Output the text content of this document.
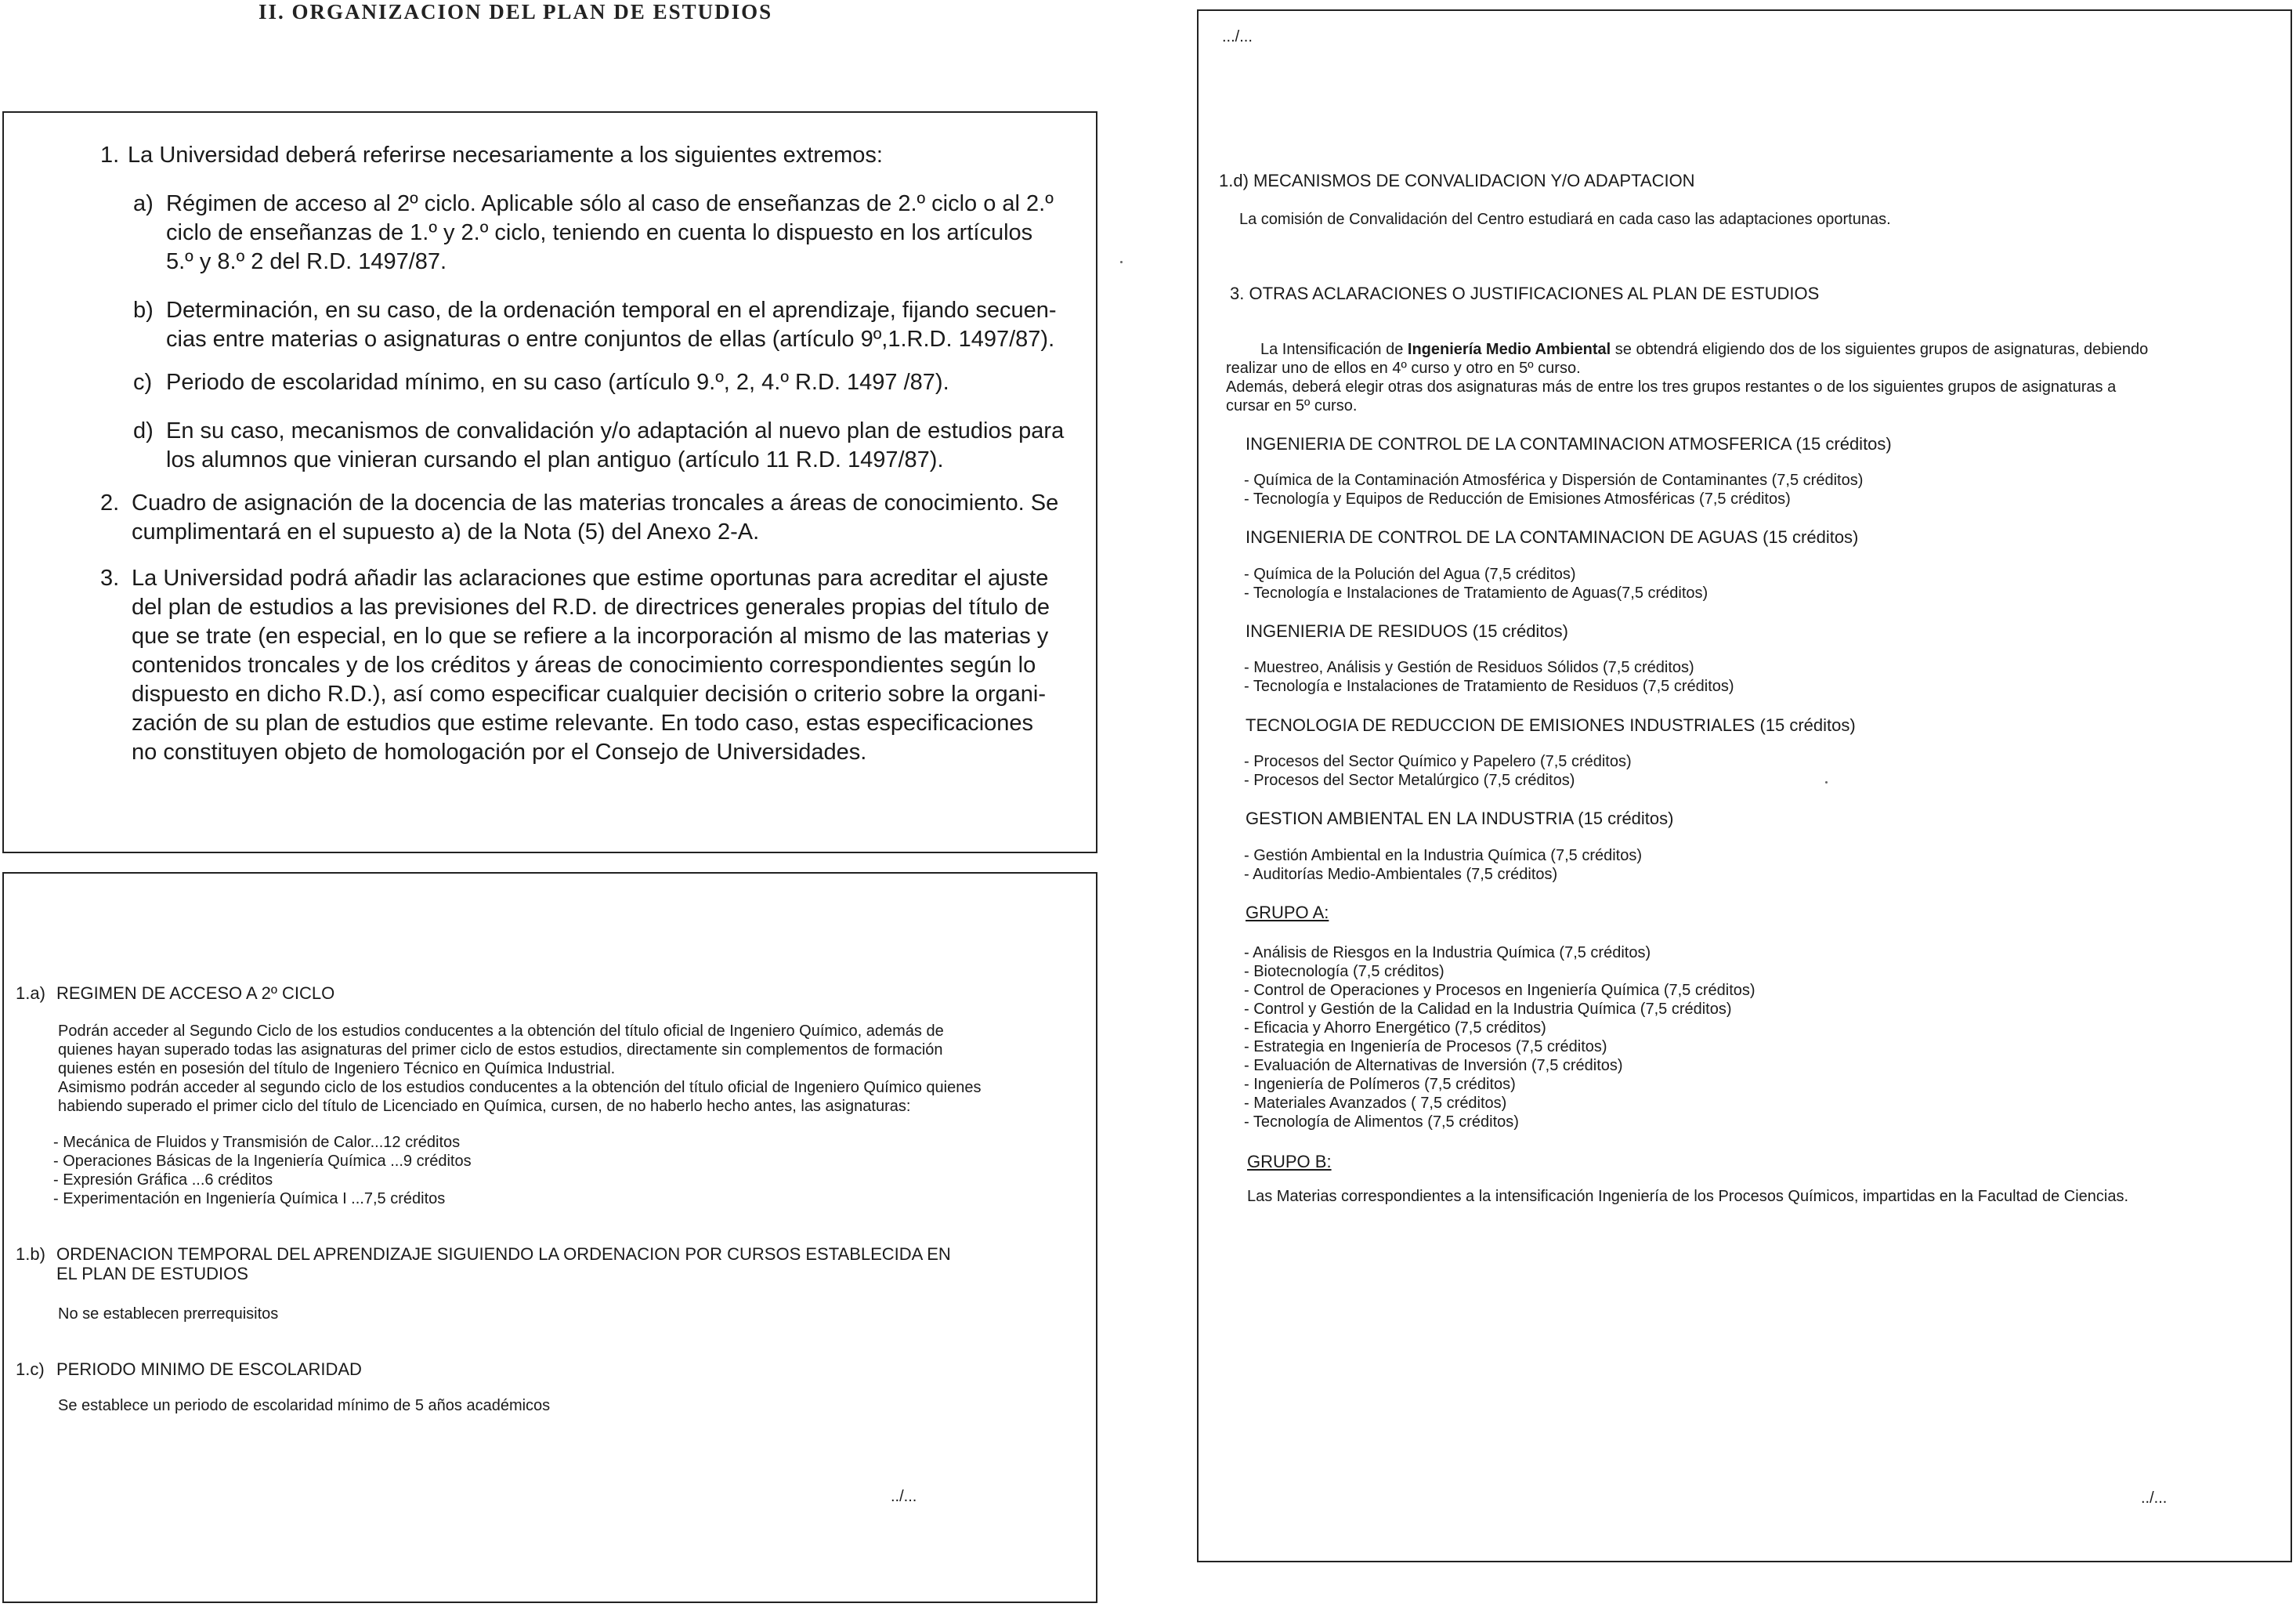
II. ORGANIZACION DEL PLAN DE ESTUDIOS
1. La Universidad deberá referirse necesariamente a los siguientes extremos:
a) Régimen de acceso al 2º ciclo. Aplicable sólo al caso de enseñanzas de 2.º ciclo o al 2.º
ciclo de enseñanzas de 1.º y 2.º ciclo, teniendo en cuenta lo dispuesto en los artículos
5.º y 8.º 2 del R.D. 1497/87.
b) Determinación, en su caso, de la ordenación temporal en el aprendizaje, fijando secuen-
cias entre materias o asignaturas o entre conjuntos de ellas (artículo 9º,1.R.D. 1497/87).
c) Periodo de escolaridad mínimo, en su caso (artículo 9.º, 2, 4.º R.D. 1497 /87).
d) En su caso, mecanismos de convalidación y/o adaptación al nuevo plan de estudios para
los alumnos que vinieran cursando el plan antiguo (artículo 11 R.D. 1497/87).
2. Cuadro de asignación de la docencia de las materias troncales a áreas de conocimiento. Se
cumplimentará en el supuesto a) de la Nota (5) del Anexo 2-A.
3. La Universidad podrá añadir las aclaraciones que estime oportunas para acreditar el ajuste
del plan de estudios a las previsiones del R.D. de directrices generales propias del título de
que se trate (en especial, en lo que se refiere a la incorporación al mismo de las materias y
contenidos troncales y de los créditos y áreas de conocimiento correspondientes según lo
dispuesto en dicho R.D.), así como especificar cualquier decisión o criterio sobre la organi-
zación de su plan de estudios que estime relevante. En todo caso, estas especificaciones
no constituyen objeto de homologación por el Consejo de Universidades.
1.a) REGIMEN DE ACCESO A 2º CICLO
Podrán acceder al Segundo Ciclo de los estudios conducentes a la obtención del título oficial de Ingeniero Químico, además de
quienes hayan superado todas las asignaturas del primer ciclo de estos estudios, directamente sin complementos de formación
quienes estén en posesión del título de Ingeniero Técnico en Química Industrial.
Asimismo podrán acceder al segundo ciclo de los estudios conducentes a la obtención del título oficial de Ingeniero Químico quienes
habiendo superado el primer ciclo del título de Licenciado en Química, cursen, de no haberlo hecho antes, las asignaturas:
- Mecánica de Fluidos y Transmisión de Calor...12 créditos
- Operaciones Básicas de la Ingeniería Química ...9 créditos
- Expresión Gráfica ...6 créditos
- Experimentación en Ingeniería Química I ...7,5 créditos
1.b) ORDENACION TEMPORAL DEL APRENDIZAJE SIGUIENDO LA ORDENACION POR CURSOS ESTABLECIDA EN
EL PLAN DE ESTUDIOS
No se establecen prerrequisitos
1.c) PERIODO MINIMO DE ESCOLARIDAD
Se establece un periodo de escolaridad mínimo de 5 años académicos
../...
.../...
1.d) MECANISMOS DE CONVALIDACION Y/O ADAPTACION
La comisión de Convalidación del Centro estudiará en cada caso las adaptaciones oportunas.
3. OTRAS ACLARACIONES O JUSTIFICACIONES AL PLAN DE ESTUDIOS
La Intensificación de Ingeniería Medio Ambiental se obtendrá eligiendo dos de los siguientes grupos de asignaturas, debiendo
realizar uno de ellos en 4º curso y otro en 5º curso.
Además, deberá elegir otras dos asignaturas más de entre los tres grupos restantes o de los siguientes grupos de asignaturas a
cursar en 5º curso.
INGENIERIA DE CONTROL DE LA CONTAMINACION ATMOSFERICA (15 créditos)
- Química de la Contaminación Atmosférica y Dispersión de Contaminantes (7,5 créditos)
- Tecnología y Equipos de Reducción de Emisiones Atmosféricas (7,5 créditos)
INGENIERIA DE CONTROL DE LA CONTAMINACION DE AGUAS (15 créditos)
- Química de la Polución del Agua (7,5 créditos)
- Tecnología e Instalaciones de Tratamiento de Aguas(7,5 créditos)
INGENIERIA DE RESIDUOS (15 créditos)
- Muestreo, Análisis y Gestión de Residuos Sólidos (7,5 créditos)
- Tecnología e Instalaciones de Tratamiento de Residuos (7,5 créditos)
TECNOLOGIA DE REDUCCION DE EMISIONES INDUSTRIALES (15 créditos)
- Procesos del Sector Químico y Papelero (7,5 créditos)
- Procesos del Sector Metalúrgico (7,5 créditos)
GESTION AMBIENTAL EN LA INDUSTRIA (15 créditos)
- Gestión Ambiental en la Industria Química (7,5 créditos)
- Auditorías Medio-Ambientales (7,5 créditos)
GRUPO A:
- Análisis de Riesgos en la Industria Química (7,5 créditos)
- Biotecnología (7,5 créditos)
- Control de Operaciones y Procesos en Ingeniería Química (7,5 créditos)
- Control y Gestión de la Calidad en la Industria Química (7,5 créditos)
- Eficacia y Ahorro Energético (7,5 créditos)
- Estrategia en Ingeniería de Procesos (7,5 créditos)
- Evaluación de Alternativas de Inversión (7,5 créditos)
- Ingeniería de Polímeros (7,5 créditos)
- Materiales Avanzados ( 7,5 créditos)
- Tecnología de Alimentos (7,5 créditos)
GRUPO B:
Las Materias correspondientes a la intensificación Ingeniería de los Procesos Químicos, impartidas en la Facultad de Ciencias.
../...
